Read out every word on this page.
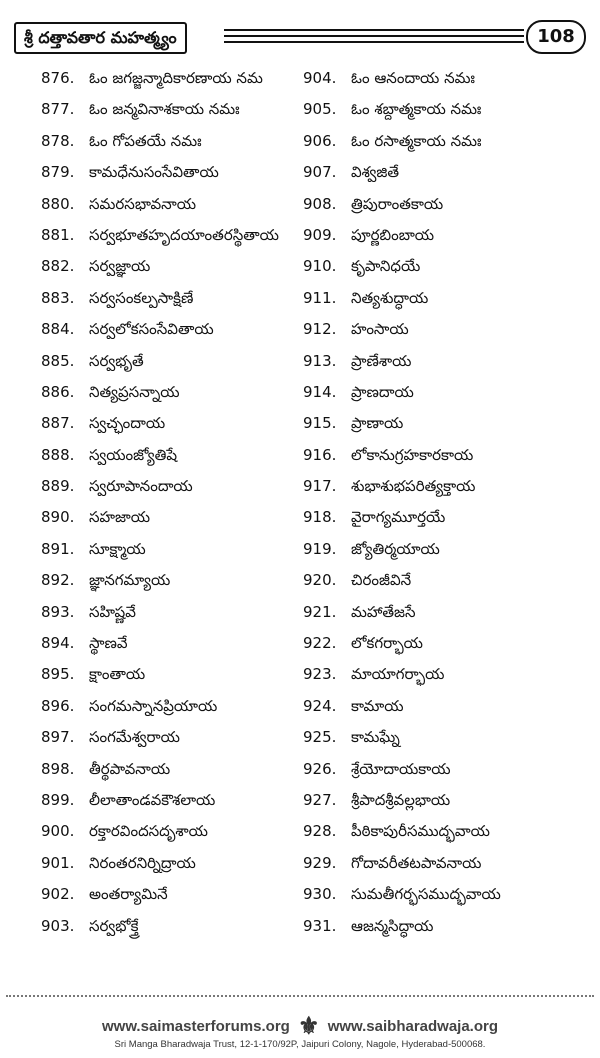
శ్రీ దత్తావతార మహత్మ్యం	108
876. ఓం జగజ్జన్మాదికారణాయ నమ	904. ఓం ఆనందాయ నమః
877. ఓం జన్మవినాశకాయ నమః	905. ఓం శబ్దాత్మకాయ నమః
878. ఓం గోపతయే నమః	906. ఓం రసాత్మకాయ నమః
879. కామధేనుసంసేవితాయ	907. విశ్వజితే
880. సమరసభావనాయ	908. త్రిపురాంతకాయ
881. సర్వభూతహృదయాంతరస్థితాయ	909. పూర్ణబింబాయ
882. సర్వజ్ఞాయ	910. కృపానిధయే
883. సర్వసంకల్పసాక్షిణే	911. నిత్యశుద్ధాయ
884. సర్వలోకసంసేవితాయ	912. హంసాయ
885. సర్వభృతే	913. ప్రాణేశాయ
886. నిత్యప్రసన్నాయ	914. ప్రాణదాయ
887. స్వచ్ఛందాయ	915. ప్రాణాయ
888. స్వయంజ్యోతిషే	916. లోకానుగ్రహకారకాయ
889. స్వరూపానందాయ	917. శుభాశుభపరిత్యక్తాయ
890. సహజాయ	918. వైరాగ్యమూర్తయే
891. సూక్ష్మాయ	919. జ్యోతిర్మయాయ
892. జ్ఞానగమ్యాయ	920. చిరంజీవినే
893. సహిష్ణవే	921. మహాతేజసే
894. స్థాణవే	922. లోకగర్భాయ
895. క్షాంతాయ	923. మాయాగర్భాయ
896. సంగమస్నానప్రియాయ	924. కామాయ
897. సంగమేశ్వరాయ	925. కామఘ్నే
898. తీర్థపావనాయ	926. శ్రేయోదాయకాయ
899. లీలాతాండవకౌశలాయ	927. శ్రీపాదశ్రీవల్లభాయ
900. రక్తారవిందసదృశాయ	928. పీఠికాపురీసముద్భవాయ
901. నిరంతరనిర్నిద్రాయ	929. గోదావరీతటపావనాయ
902. అంతర్యామినే	930. సుమతీగర్భసముద్భవాయ
903. సర్వభోక్త్రే	931. ఆజన్మసిద్ధాయ
www.saimasterforums.org ⚜ www.saibharadwaja.org
Sri Manga Bharadwaja Trust, 12-1-170/92P, Jaipuri Colony, Nagole, Hyderabad-500068.
